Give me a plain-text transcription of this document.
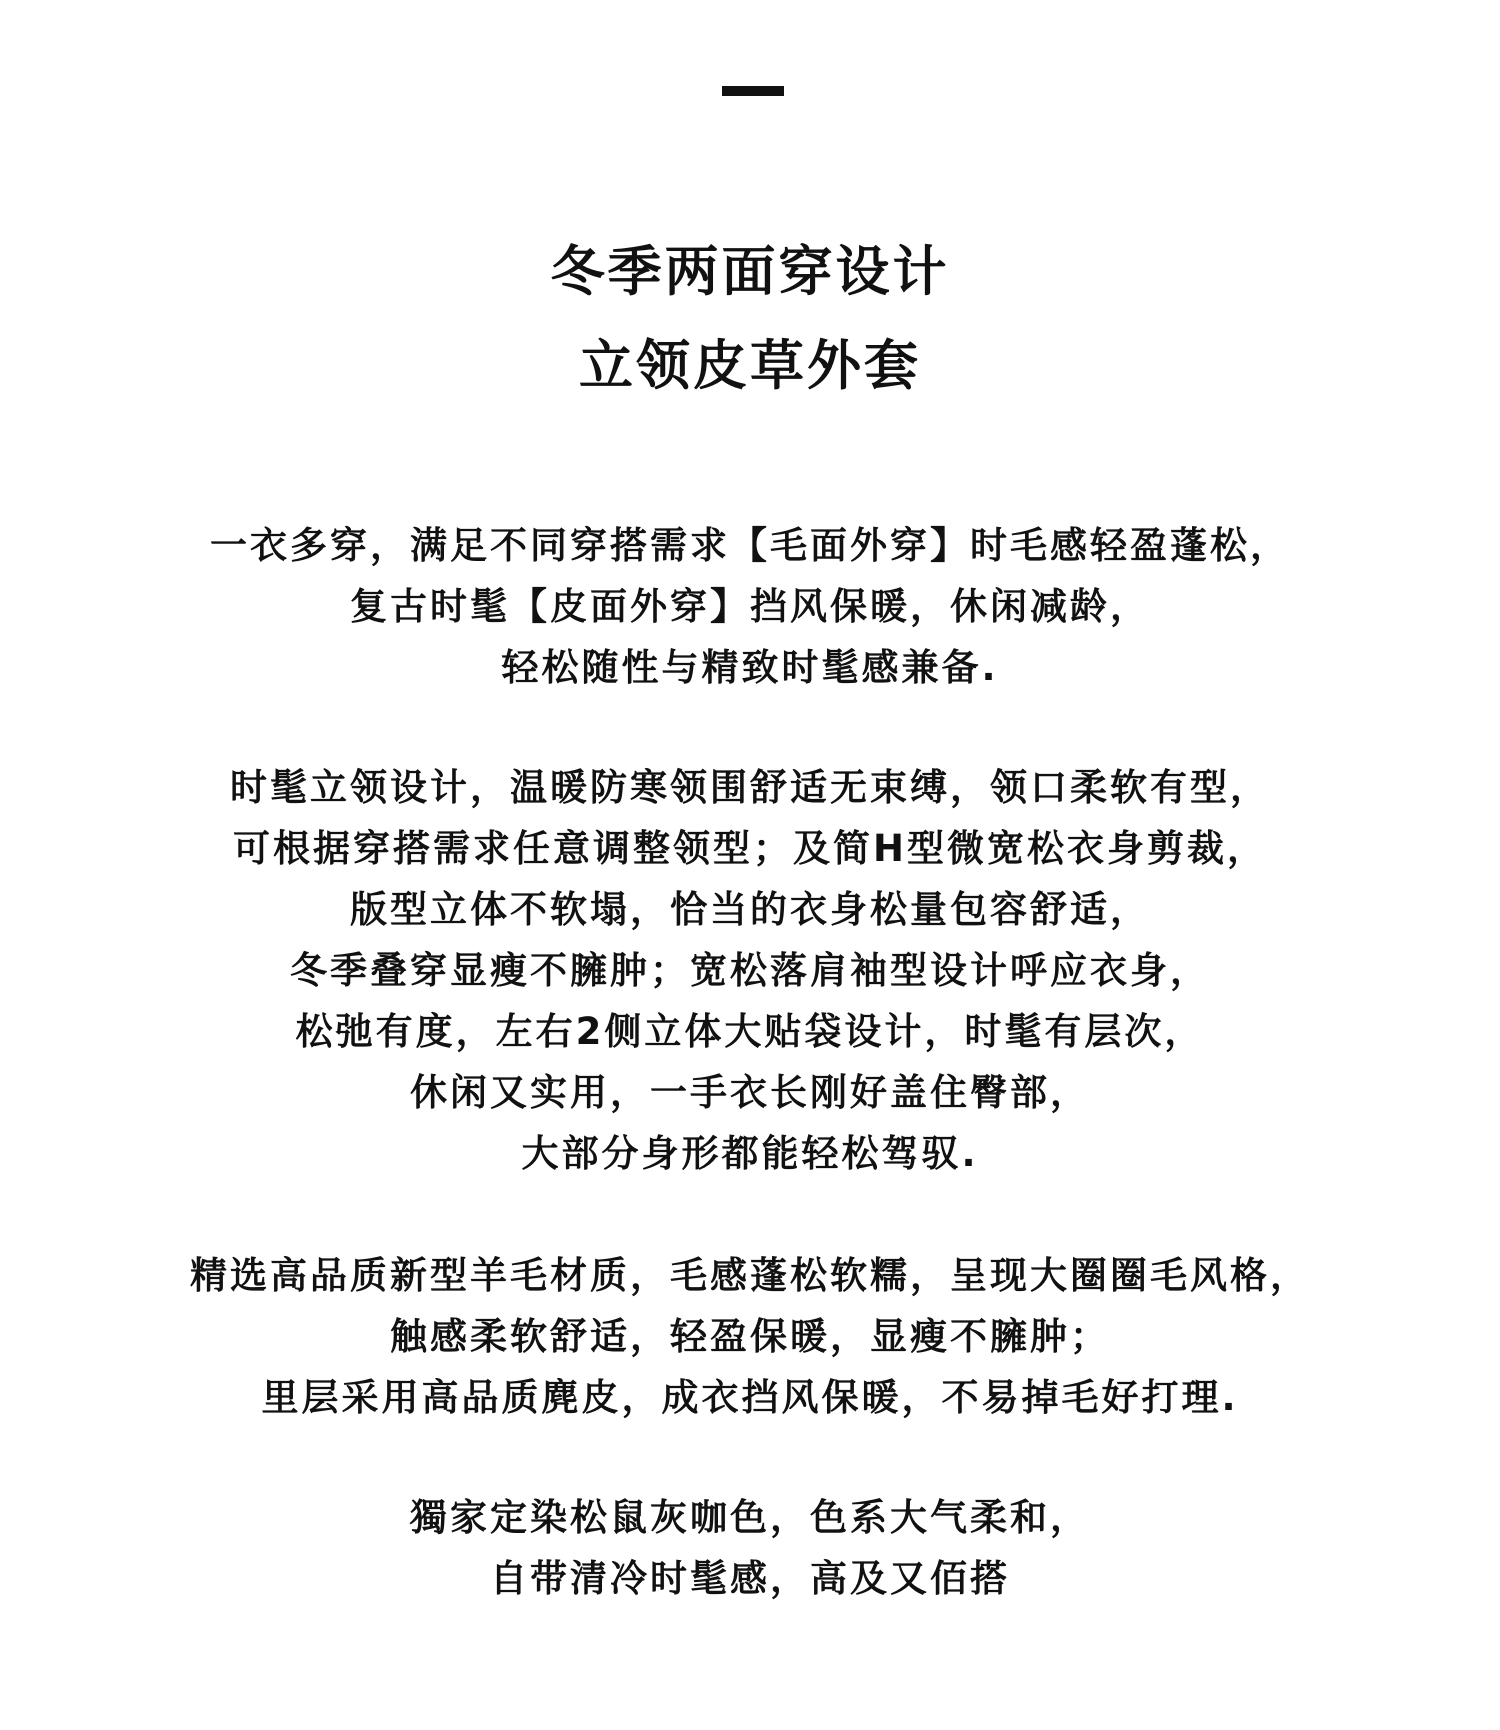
冬季两面穿设计
立领皮草外套
一衣多穿，满足不同穿搭需求【毛面外穿】时毛感轻盈蓬松，
复古时髦【皮面外穿】挡风保暖，休闲减龄，
轻松随性与精致时髦感兼备.
时髦立领设计，温暖防寒领围舒适无束缚，领口柔软有型，
可根据穿搭需求任意调整领型；及简H型微宽松衣身剪裁，
版型立体不软塌，恰当的衣身松量包容舒适，
冬季叠穿显瘦不臃肿；宽松落肩袖型设计呼应衣身，
松弛有度，左右2侧立体大贴袋设计，时髦有层次，
休闲又实用，一手衣长刚好盖住臀部，
大部分身形都能轻松驾驭.
精选高品质新型羊毛材质，毛感蓬松软糯，呈现大圈圈毛风格，
触感柔软舒适，轻盈保暖，显瘦不臃肿；
里层采用高品质麂皮，成衣挡风保暖，不易掉毛好打理.
獨家定染松鼠灰咖色，色系大气柔和，
自带清冷时髦感，高及又佰搭
